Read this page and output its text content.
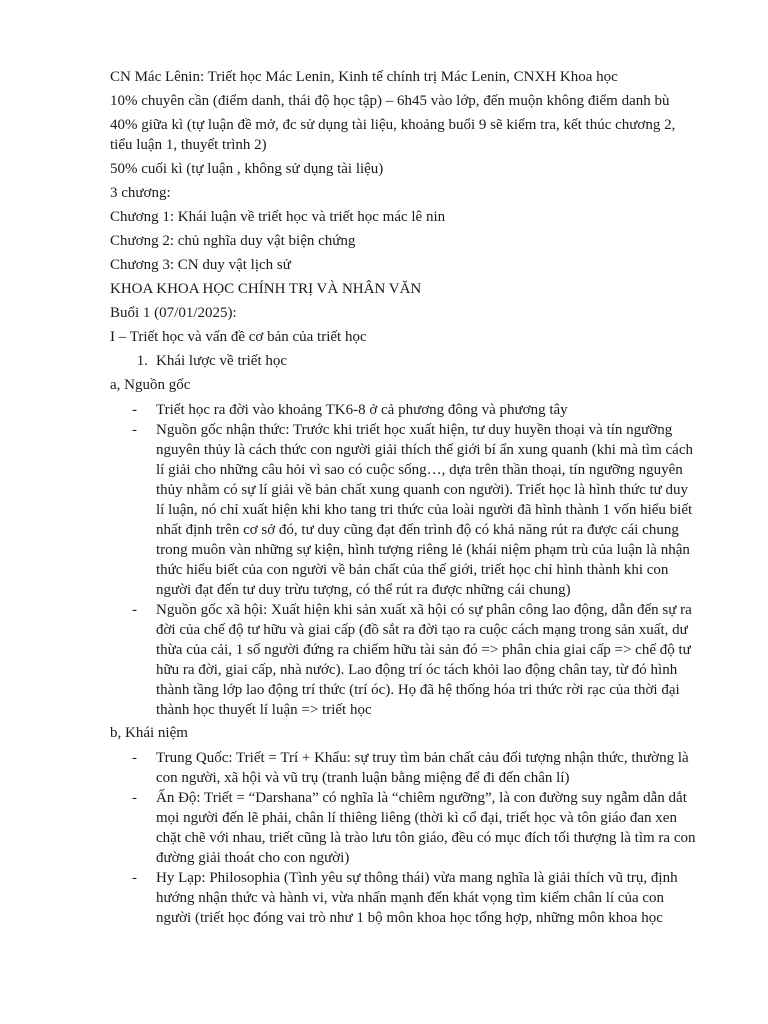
CN Mác Lênin: Triết học Mác Lenin, Kinh tế chính trị Mác Lenin, CNXH Khoa học
10% chuyên cần (điểm danh, thái độ học tập) – 6h45 vào lớp, đến muộn không điểm danh bù
40% giữa kì (tự luận đề mở, đc sử dụng tài liệu, khoảng buổi 9 sẽ kiểm tra, kết thúc chương 2, tiểu luận 1, thuyết trình 2)
50% cuối kì (tự luận , không sử dụng tài liệu)
3 chương:
Chương 1: Khái luận về triết học và triết học mác lê nin
Chương 2: chủ nghĩa duy vật biện chứng
Chương 3: CN duy vật lịch sử
KHOA KHOA HỌC CHÍNH TRỊ VÀ NHÂN VĂN
Buổi 1 (07/01/2025):
I – Triết học và vấn đề cơ bản của triết học
1. Khái lược về triết học
a, Nguồn gốc
-	Triết học ra đời vào khoảng TK6-8 ở cả phương đông và phương tây
-	Nguồn gốc nhận thức: Trước khi triết học xuất hiện, tư duy huyền thoại và tín ngưỡng nguyên thủy là cách thức con người giải thích thế giới bí ẩn xung quanh (khi mà tìm cách lí giải cho những câu hỏi vì sao có cuộc sống…, dựa trên thần thoại, tín ngưỡng nguyên thủy nhằm có sự lí giải về bản chất xung quanh con người). Triết học là hình thức tư duy lí luận, nó chỉ xuất hiện khi kho tang tri thức của loài người đã hình thành 1 vốn hiểu biết nhất định trên cơ sở đó, tư duy cũng đạt đến trình độ có khả năng rút ra được cái chung trong muôn vàn những sự kiện, hình tượng riêng lẻ (khái niệm phạm trù của luận là nhận thức hiểu biết của con người về bản chất của thế giới, triết học chỉ hình thành khi con người đạt đến tư duy trừu tượng, có thể rút ra được những cái chung)
-	Nguồn gốc xã hội: Xuất hiện khi sản xuất xã hội có sự phân công lao động, dẫn đến sự ra đời của chế độ tư hữu và giai cấp (đồ sắt ra đời tạo ra cuộc cách mạng trong sản xuất, dư thừa của cải, 1 số người đứng ra chiếm hữu tài sản đó => phân chia giai cấp => chế độ tư hữu ra đời, giai cấp, nhà nước). Lao động trí óc tách khỏi lao động chân tay, từ đó hình thành tầng lớp lao động trí thức (trí óc). Họ đã hệ thống hóa tri thức rời rạc của thời đại thành học thuyết lí luận => triết học
b, Khái niệm
-	Trung Quốc: Triết = Trí + Khẩu: sự truy tìm bản chất cảu đối tượng nhận thức, thường là con người, xã hội và vũ trụ (tranh luận bằng miệng để đi đến chân lí)
-	Ấn Độ: Triết = “Darshana” có nghĩa là “chiêm ngưỡng”, là con đường suy ngẫm dẫn dắt mọi người đến lẽ phải, chân lí thiêng liêng (thời kì cổ đại, triết học và tôn giáo đan xen chặt chẽ với nhau, triết cũng là trào lưu tôn giáo, đều có mục đích tối thượng là tìm ra con đường giải thoát cho con người)
-	Hy Lạp: Philosophia (Tình yêu sự thông thái) vừa mang nghĩa là giải thích vũ trụ, định hướng nhận thức và hành vi, vừa nhấn mạnh đến khát vọng tìm kiếm chân lí của con người (triết học đóng vai trò như 1 bộ môn khoa học tổng hợp, những môn khoa học
